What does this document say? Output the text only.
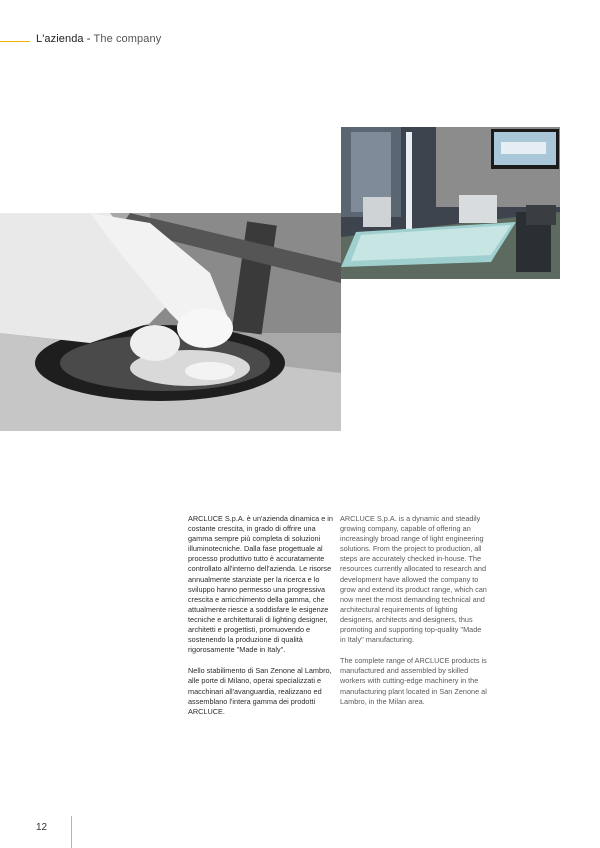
L'azienda - The company

ARCLUCE S.p.A. è un'azienda dinamica e in costante crescita, in grado di offrire una gamma sempre più completa di soluzioni illuminotecniche. Dalla fase progettuale al processo produttivo tutto è accuratamente controllato all'interno dell'azienda. Le risorse annualmente stanziate per la ricerca e lo sviluppo hanno permesso una progressiva crescita e arricchimento della gamma, che attualmente riesce a soddisfare le esigenze tecniche e architetturali di lighting designer, architetti e progettisti, promuovendo e sostenendo la produzione di qualità rigorosamente "Made in Italy".

Nello stabilimento di San Zenone al Lambro, alle porte di Milano, operai specializzati e macchinari all'avanguardia, realizzano ed assemblano l'intera gamma dei prodotti ARCLUCE.

ARCLUCE S.p.A. is a dynamic and steadily growing company, capable of offering an increasingly broad range of light engineering solutions. From the project to production, all steps are accurately checked in-house. The resources currently allocated to research and development have allowed the company to grow and extend its product range, which can now meet the most demanding technical and architectural requirements of lighting designers, architects and designers, thus promoting and supporting top-quality "Made in Italy" manufacturing.

The complete range of ARCLUCE products is manufactured and assembled by skilled workers with cutting-edge machinery in the manufacturing plant located in San Zenone al Lambro, in the Milan area.

12
